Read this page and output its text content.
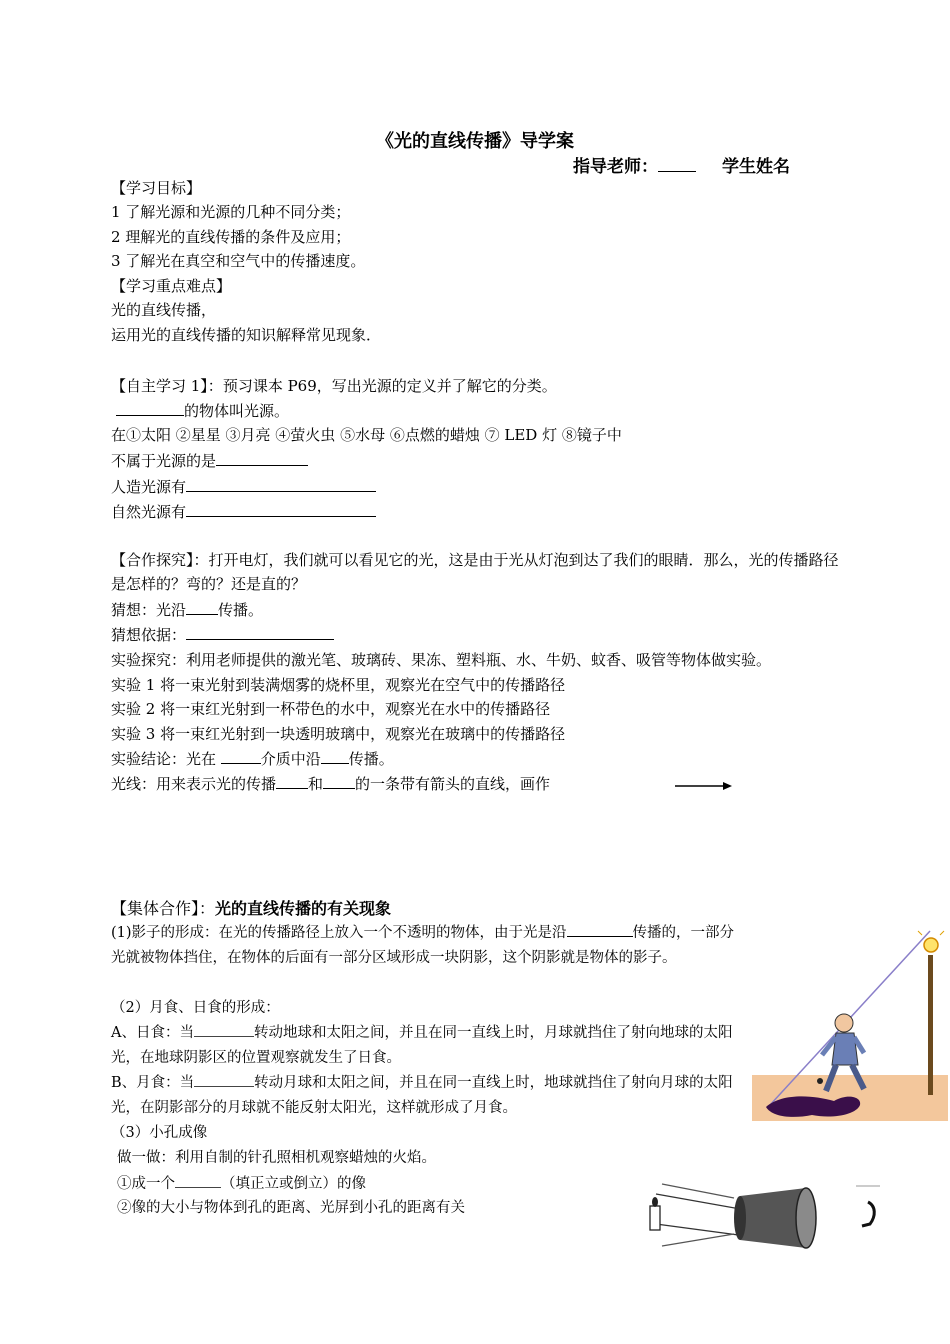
《光的直线传播》导学案
指导老师：	学生姓名
【学习目标】
1 了解光源和光源的几种不同分类；
2 理解光的直线传播的条件及应用；
3 了解光在真空和空气中的传播速度。
【学习重点难点】
光的直线传播，
运用光的直线传播的知识解释常见现象．
【自主学习 1】：预习课本 P69，写出光源的定义并了解它的分类。
的物体叫光源。
在①太阳 ②星星 ③月亮 ④萤火虫 ⑤水母 ⑥点燃的蜡烛 ⑦ LED 灯 ⑧镜子中
不属于光源的是
人造光源有
自然光源有
【合作探究】：打开电灯，我们就可以看见它的光，这是由于光从灯泡到达了我们的眼睛．那么，光的传播路径是怎样的？弯的？还是直的？
猜想：光沿 传播。
猜想依据：
实验探究：利用老师提供的激光笔、玻璃砖、果冻、塑料瓶、水、牛奶、蚊香、吸管等物体做实验。
实验 1 将一束光射到装满烟雾的烧杯里，观察光在空气中的传播路径
实验 2 将一束红光射到一杯带色的水中，观察光在水中的传播路径
实验 3 将一束红光射到一块透明玻璃中，观察光在玻璃中的传播路径
实验结论：光在	介质中沿 传播。
光线：用来表示光的传播 和 的一条带有箭头的直线，画作
【集体合作】：光的直线传播的有关现象
(1)影子的形成：在光的传播路径上放入一个不透明的物体，由于光是沿	传播的，一部分光就被物体挡住，在物体的后面有一部分区域形成一块阴影，这个阴影就是物体的影子。
（2）月食、日食的形成：
A、日食：当	转动地球和太阳之间，并且在同一直线上时，月球就挡住了射向地球的太阳光，在地球阴影区的位置观察就发生了日食。
B、月食：当	转动月球和太阳之间，并且在同一直线上时，地球就挡住了射向月球的太阳光，在阴影部分的月球就不能反射太阳光，这样就形成了月食。
（3）小孔成像
做一做：利用自制的针孔照相机观察蜡烛的火焰。
①成一个	（填正立或倒立）的像
②像的大小与物体到孔的距离、光屏到小孔的距离有关
